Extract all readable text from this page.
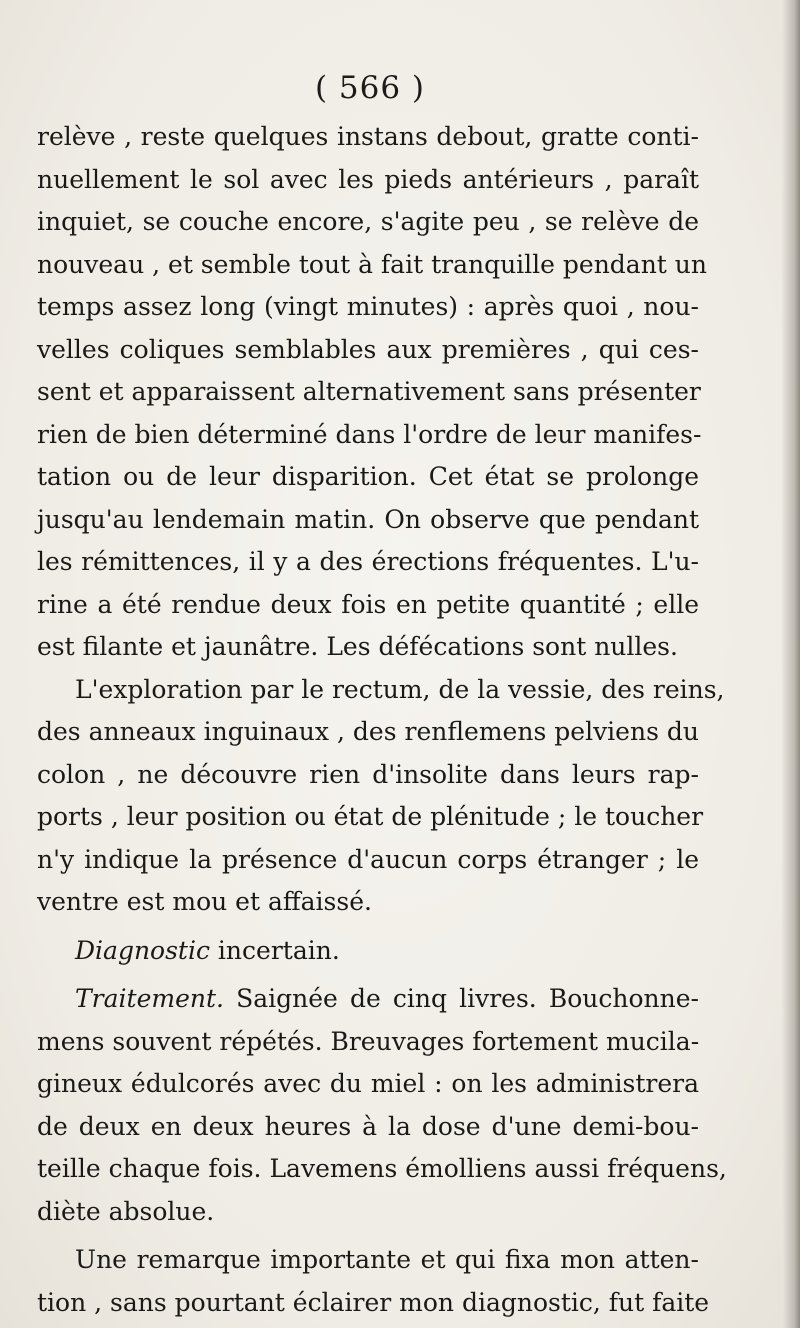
( 566 )
relève , reste quelques instans debout, gratte conti-
nuellement le sol avec les pieds antérieurs , paraît
inquiet, se couche encore, s'agite peu , se relève de
nouveau , et semble tout à fait tranquille pendant un
temps assez long (vingt minutes) : après quoi , nou-
velles coliques semblables aux premières , qui ces-
sent et apparaissent alternativement sans présenter
rien de bien déterminé dans l'ordre de leur manifes-
tation ou de leur disparition. Cet état se prolonge
jusqu'au lendemain matin. On observe que pendant
les rémittences, il y a des érections fréquentes. L'u-
rine a été rendue deux fois en petite quantité ; elle
est filante et jaunâtre. Les défécations sont nulles.
L'exploration par le rectum, de la vessie, des reins,
des anneaux inguinaux , des renflemens pelviens du
colon , ne découvre rien d'insolite dans leurs rap-
ports , leur position ou état de plénitude ; le toucher
n'y indique la présence d'aucun corps étranger ; le
ventre est mou et affaissé.
Diagnostic incertain.
Traitement. Saignée de cinq livres. Bouchonne-
mens souvent répétés. Breuvages fortement mucila-
gineux édulcorés avec du miel : on les administrera
de deux en deux heures à la dose d'une demi-bou-
teille chaque fois. Lavemens émolliens aussi fréquens,
diète absolue.
Une remarque importante et qui fixa mon atten-
tion , sans pourtant éclairer mon diagnostic, fut faite
